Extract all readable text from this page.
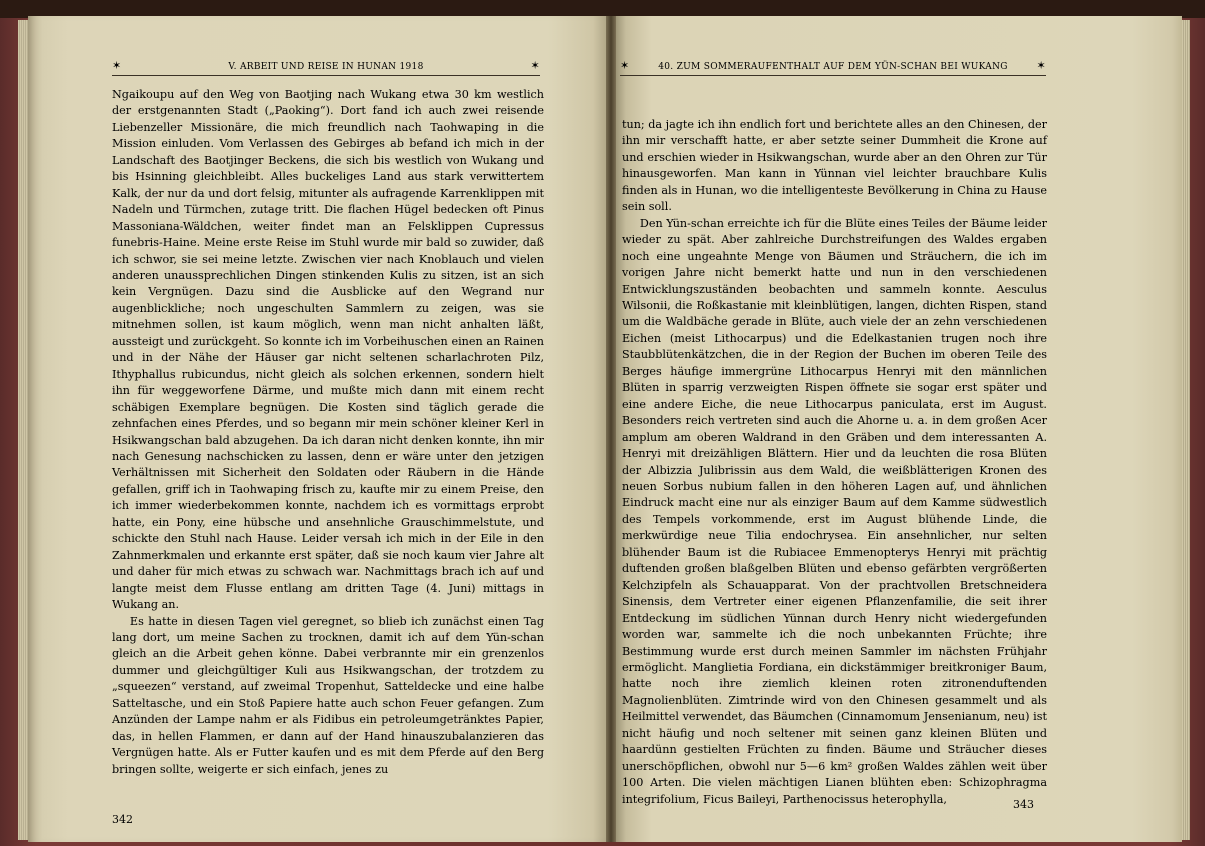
✶	V. ARBEIT UND REISE IN HUNAN 1918	✶

Ngaikoupu auf den Weg von Baotjing nach Wukang etwa 30 km westlich der erstgenannten Stadt („Paoking“). Dort fand ich auch zwei reisende Liebenzeller Missionäre, die mich freundlich nach Taohwaping in die Mission einluden. Vom Verlassen des Gebirges ab befand ich mich in der Landschaft des Baotjinger Beckens, die sich bis westlich von Wukang und bis Hsinning gleichbleibt. Alles buckeliges Land aus stark verwittertem Kalk, der nur da und dort felsig, mitunter als aufragende Karrenklippen mit Nadeln und Türmchen, zutage tritt. Die flachen Hügel bedecken oft Pinus Massoniana-Wäldchen, weiter findet man an Felsklippen Cupressus funebris-Haine. Meine erste Reise im Stuhl wurde mir bald so zuwider, daß ich schwor, sie sei meine letzte. Zwischen vier nach Knoblauch und vielen anderen unaussprechlichen Dingen stinkenden Kulis zu sitzen, ist an sich kein Vergnügen. Dazu sind die Ausblicke auf den Wegrand nur augenblickliche; noch ungeschulten Sammlern zu zeigen, was sie mitnehmen sollen, ist kaum möglich, wenn man nicht anhalten läßt, aussteigt und zurückgeht. So konnte ich im Vorbeihuschen einen an Rainen und in der Nähe der Häuser gar nicht seltenen scharlachroten Pilz, Ithyphallus rubicundus, nicht gleich als solchen erkennen, sondern hielt ihn für weggeworfene Därme, und mußte mich dann mit einem recht schäbigen Exemplare begnügen. Die Kosten sind täglich gerade die zehnfachen eines Pferdes, und so begann mir mein schöner kleiner Kerl in Hsikwangschan bald abzugehen. Da ich daran nicht denken konnte, ihn mir nach Genesung nachschicken zu lassen, denn er wäre unter den jetzigen Verhältnissen mit Sicherheit den Soldaten oder Räubern in die Hände gefallen, griff ich in Taohwaping frisch zu, kaufte mir zu einem Preise, den ich immer wiederbekommen konnte, nachdem ich es vormittags erprobt hatte, ein Pony, eine hübsche und ansehnliche Grauschimmelstute, und schickte den Stuhl nach Hause. Leider versah ich mich in der Eile in den Zahnmerkmalen und erkannte erst später, daß sie noch kaum vier Jahre alt und daher für mich etwas zu schwach war. Nachmittags brach ich auf und langte meist dem Flusse entlang am dritten Tage (4. Juni) mittags in Wukang an.

Es hatte in diesen Tagen viel geregnet, so blieb ich zunächst einen Tag lang dort, um meine Sachen zu trocknen, damit ich auf dem Yün-schan gleich an die Arbeit gehen könne. Dabei verbrannte mir ein grenzenlos dummer und gleichgültiger Kuli aus Hsikwangschan, der trotzdem zu „squeezen“ verstand, auf zweimal Tropenhut, Satteldecke und eine halbe Satteltasche, und ein Stoß Papiere hatte auch schon Feuer gefangen. Zum Anzünden der Lampe nahm er als Fidibus ein petroleumgetränktes Papier, das, in hellen Flammen, er dann auf der Hand hinauszubalanzieren das Vergnügen hatte. Als er Futter kaufen und es mit dem Pferde auf den Berg bringen sollte, weigerte er sich einfach, jenes zu

342
✶	40. ZUM SOMMERAUFENTHALT AUF DEM YÜN-SCHAN BEI WUKANG	✶

tun; da jagte ich ihn endlich fort und berichtete alles an den Chinesen, der ihn mir verschafft hatte, er aber setzte seiner Dummheit die Krone auf und erschien wieder in Hsikwangschan, wurde aber an den Ohren zur Tür hinausgeworfen. Man kann in Yünnan viel leichter brauchbare Kulis finden als in Hunan, wo die intelligenteste Bevölkerung in China zu Hause sein soll.

Den Yün-schan erreichte ich für die Blüte eines Teiles der Bäume leider wieder zu spät. Aber zahlreiche Durchstreifungen des Waldes ergaben noch eine ungeahnte Menge von Bäumen und Sträuchern, die ich im vorigen Jahre nicht bemerkt hatte und nun in den verschiedenen Entwicklungszuständen beobachten und sammeln konnte. Aesculus Wilsonii, die Roßkastanie mit kleinblütigen, langen, dichten Rispen, stand um die Waldbäche gerade in Blüte, auch viele der an zehn verschiedenen Eichen (meist Lithocarpus) und die Edelkastanien trugen noch ihre Staubblütenkätzchen, die in der Region der Buchen im oberen Teile des Berges häufige immergrüne Lithocarpus Henryi mit den männlichen Blüten in sparrig verzweigten Rispen öffnete sie sogar erst später und eine andere Eiche, die neue Lithocarpus paniculata, erst im August. Besonders reich vertreten sind auch die Ahorne u. a. in dem großen Acer amplum am oberen Waldrand in den Gräben und dem interessanten A. Henryi mit dreizähligen Blättern. Hier und da leuchten die rosa Blüten der Albizzia Julibrissin aus dem Wald, die weißblätterigen Kronen des neuen Sorbus nubium fallen in den höheren Lagen auf, und ähnlichen Eindruck macht eine nur als einziger Baum auf dem Kamme südwestlich des Tempels vorkommende, erst im August blühende Linde, die merkwürdige neue Tilia endochrysea. Ein ansehnlicher, nur selten blühender Baum ist die Rubiacee Emmenopterys Henryi mit prächtig duftenden großen blaßgelben Blüten und ebenso gefärbten vergrößerten Kelchzipfeln als Schauapparat. Von der prachtvollen Bretschneidera Sinensis, dem Vertreter einer eigenen Pflanzenfamilie, die seit ihrer Entdeckung im südlichen Yünnan durch Henry nicht wiedergefunden worden war, sammelte ich die noch unbekannten Früchte; ihre Bestimmung wurde erst durch meinen Sammler im nächsten Frühjahr ermöglicht. Manglietia Fordiana, ein dickstämmiger breitkroniger Baum, hatte noch ihre ziemlich kleinen roten zitronenduftenden Magnolienblüten. Zimtrinde wird von den Chinesen gesammelt und als Heilmittel verwendet, das Bäumchen (Cinnamomum Jensenianum, neu) ist nicht häufig und noch seltener mit seinen ganz kleinen Blüten und haardünn gestielten Früchten zu finden. Bäume und Sträucher dieses unerschöpflichen, obwohl nur 5—6 km² großen Waldes zählen weit über 100 Arten. Die vielen mächtigen Lianen blühten eben: Schizophragma integrifolium, Ficus Baileyi, Parthenocissus heterophylla,	343
